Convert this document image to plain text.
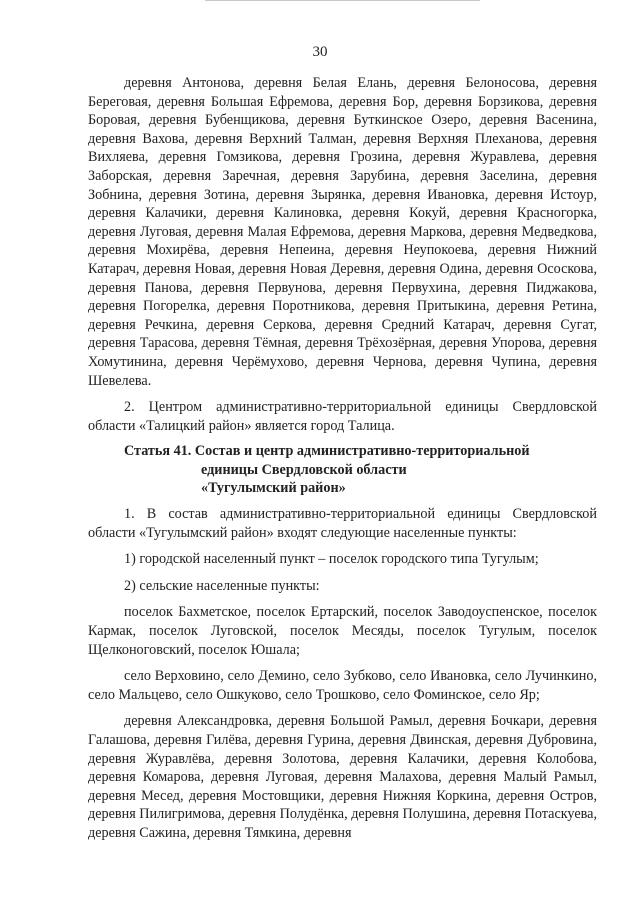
30

деревня Антонова, деревня Белая Елань, деревня Белоносова, деревня Береговая, деревня Большая Ефремова, деревня Бор, деревня Борзикова, деревня Боровая, деревня Бубенщикова, деревня Буткинское Озеро, деревня Васенина, деревня Вахова, деревня Верхний Талман, деревня Верхняя Плеханова, деревня Вихляева, деревня Гомзикова, деревня Грозина, деревня Журавлева, деревня Заборская, деревня Заречная, деревня Зарубина, деревня Заселина, деревня Зобнина, деревня Зотина, деревня Зырянка, деревня Ивановка, деревня Истоур, деревня Калачики, деревня Калиновка, деревня Кокуй, деревня Красногорка, деревня Луговая, деревня Малая Ефремова, деревня Маркова, деревня Медведкова, деревня Мохирёва, деревня Непеина, деревня Неупокоева, деревня Нижний Катарач, деревня Новая, деревня Новая Деревня, деревня Одина, деревня Ососкова, деревня Панова, деревня Первунова, деревня Первухина, деревня Пиджакова, деревня Погорелка, деревня Поротникова, деревня Притыкина, деревня Ретина, деревня Речкина, деревня Серкова, деревня Средний Катарач, деревня Сугат, деревня Тарасова, деревня Тёмная, деревня Трёхозёрная, деревня Упорова, деревня Хомутинина, деревня Черёмухово, деревня Чернова, деревня Чупина, деревня Шевелева.

2. Центром административно-территориальной единицы Свердловской области «Талицкий район» является город Талица.

Статья 41. Состав и центр административно-территориальной
единицы Свердловской области
«Тугулымский район»

1. В состав административно-территориальной единицы Свердловской области «Тугулымский район» входят следующие населенные пункты:

1) городской населенный пункт – поселок городского типа Тугулым;

2) сельские населенные пункты:

поселок Бахметское, поселок Ертарский, поселок Заводоуспенское, поселок Кармак, поселок Луговской, поселок Месяды, поселок Тугулым, поселок Щелконоговский, поселок Юшала;

село Верховино, село Демино, село Зубково, село Ивановка, село Лучинкино, село Мальцево, село Ошкуково, село Трошково, село Фоминское, село Яр;

деревня Александровка, деревня Большой Рамыл, деревня Бочкари, деревня Галашова, деревня Гилёва, деревня Гурина, деревня Двинская, деревня Дубровина, деревня Журавлёва, деревня Золотова, деревня Калачики, деревня Колобова, деревня Комарова, деревня Луговая, деревня Малахова, деревня Малый Рамыл, деревня Месед, деревня Мостовщики, деревня Нижняя Коркина, деревня Остров, деревня Пилигримова, деревня Полудёнка, деревня Полушина, деревня Потаскуева, деревня Сажина, деревня Тямкина, деревня
